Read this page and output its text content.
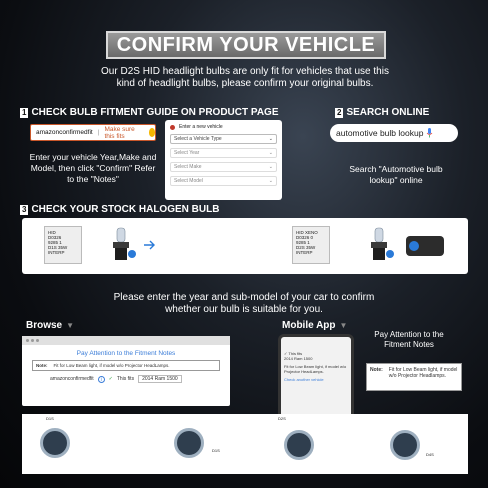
CONFIRM YOUR VEHICLE
Our D2S HID headlight bulbs are only fit for vehicles that use this
kind of headlight bulbs, please confirm your original bulbs.
1 CHECK BULB FITMENT GUIDE ON PRODUCT PAGE
amazonconfirmedfit | Make sure this fits
Enter your vehicle Year,Make and
Model, then click "Confirm" Refer
to the "Notes"
Enter a new vehicle
Select a Vehicle Type	⌄
Select Year	⌄
Select Make	⌄
Select Model	⌄
2 SEARCH ONLINE
automotive bulb lookup
Search "Automotive bulb
lookup" online
3 CHECK YOUR STOCK HALOGEN BULB
HID
D0326
9285 1
D1S 35W
INTERP
HID XENO
D0326 0
9285 1
D2S 35W
INTERP
Please enter the year and sub-model of your car to confirm
whether our bulb is suitable for you.
Browse ▼
Pay Attention to the Fitment Notes
Note: Fit for Low Beam light, if model w/o Projector HeadLamps.
amazonconfirmedfit	i	✓ This fits	2014 Ram 1500
Mobile App ▼
✓ This fits
2014 Ram 1500
Fit for Low Beam light, if model w/o Projector HeadLamps.
Check another vehicle
Pay Attention to the
Fitment Notes
Note: Fit for Low Beam light, if model w/o Projector Headlamps.
D1S
D1S
D2S
D4S
